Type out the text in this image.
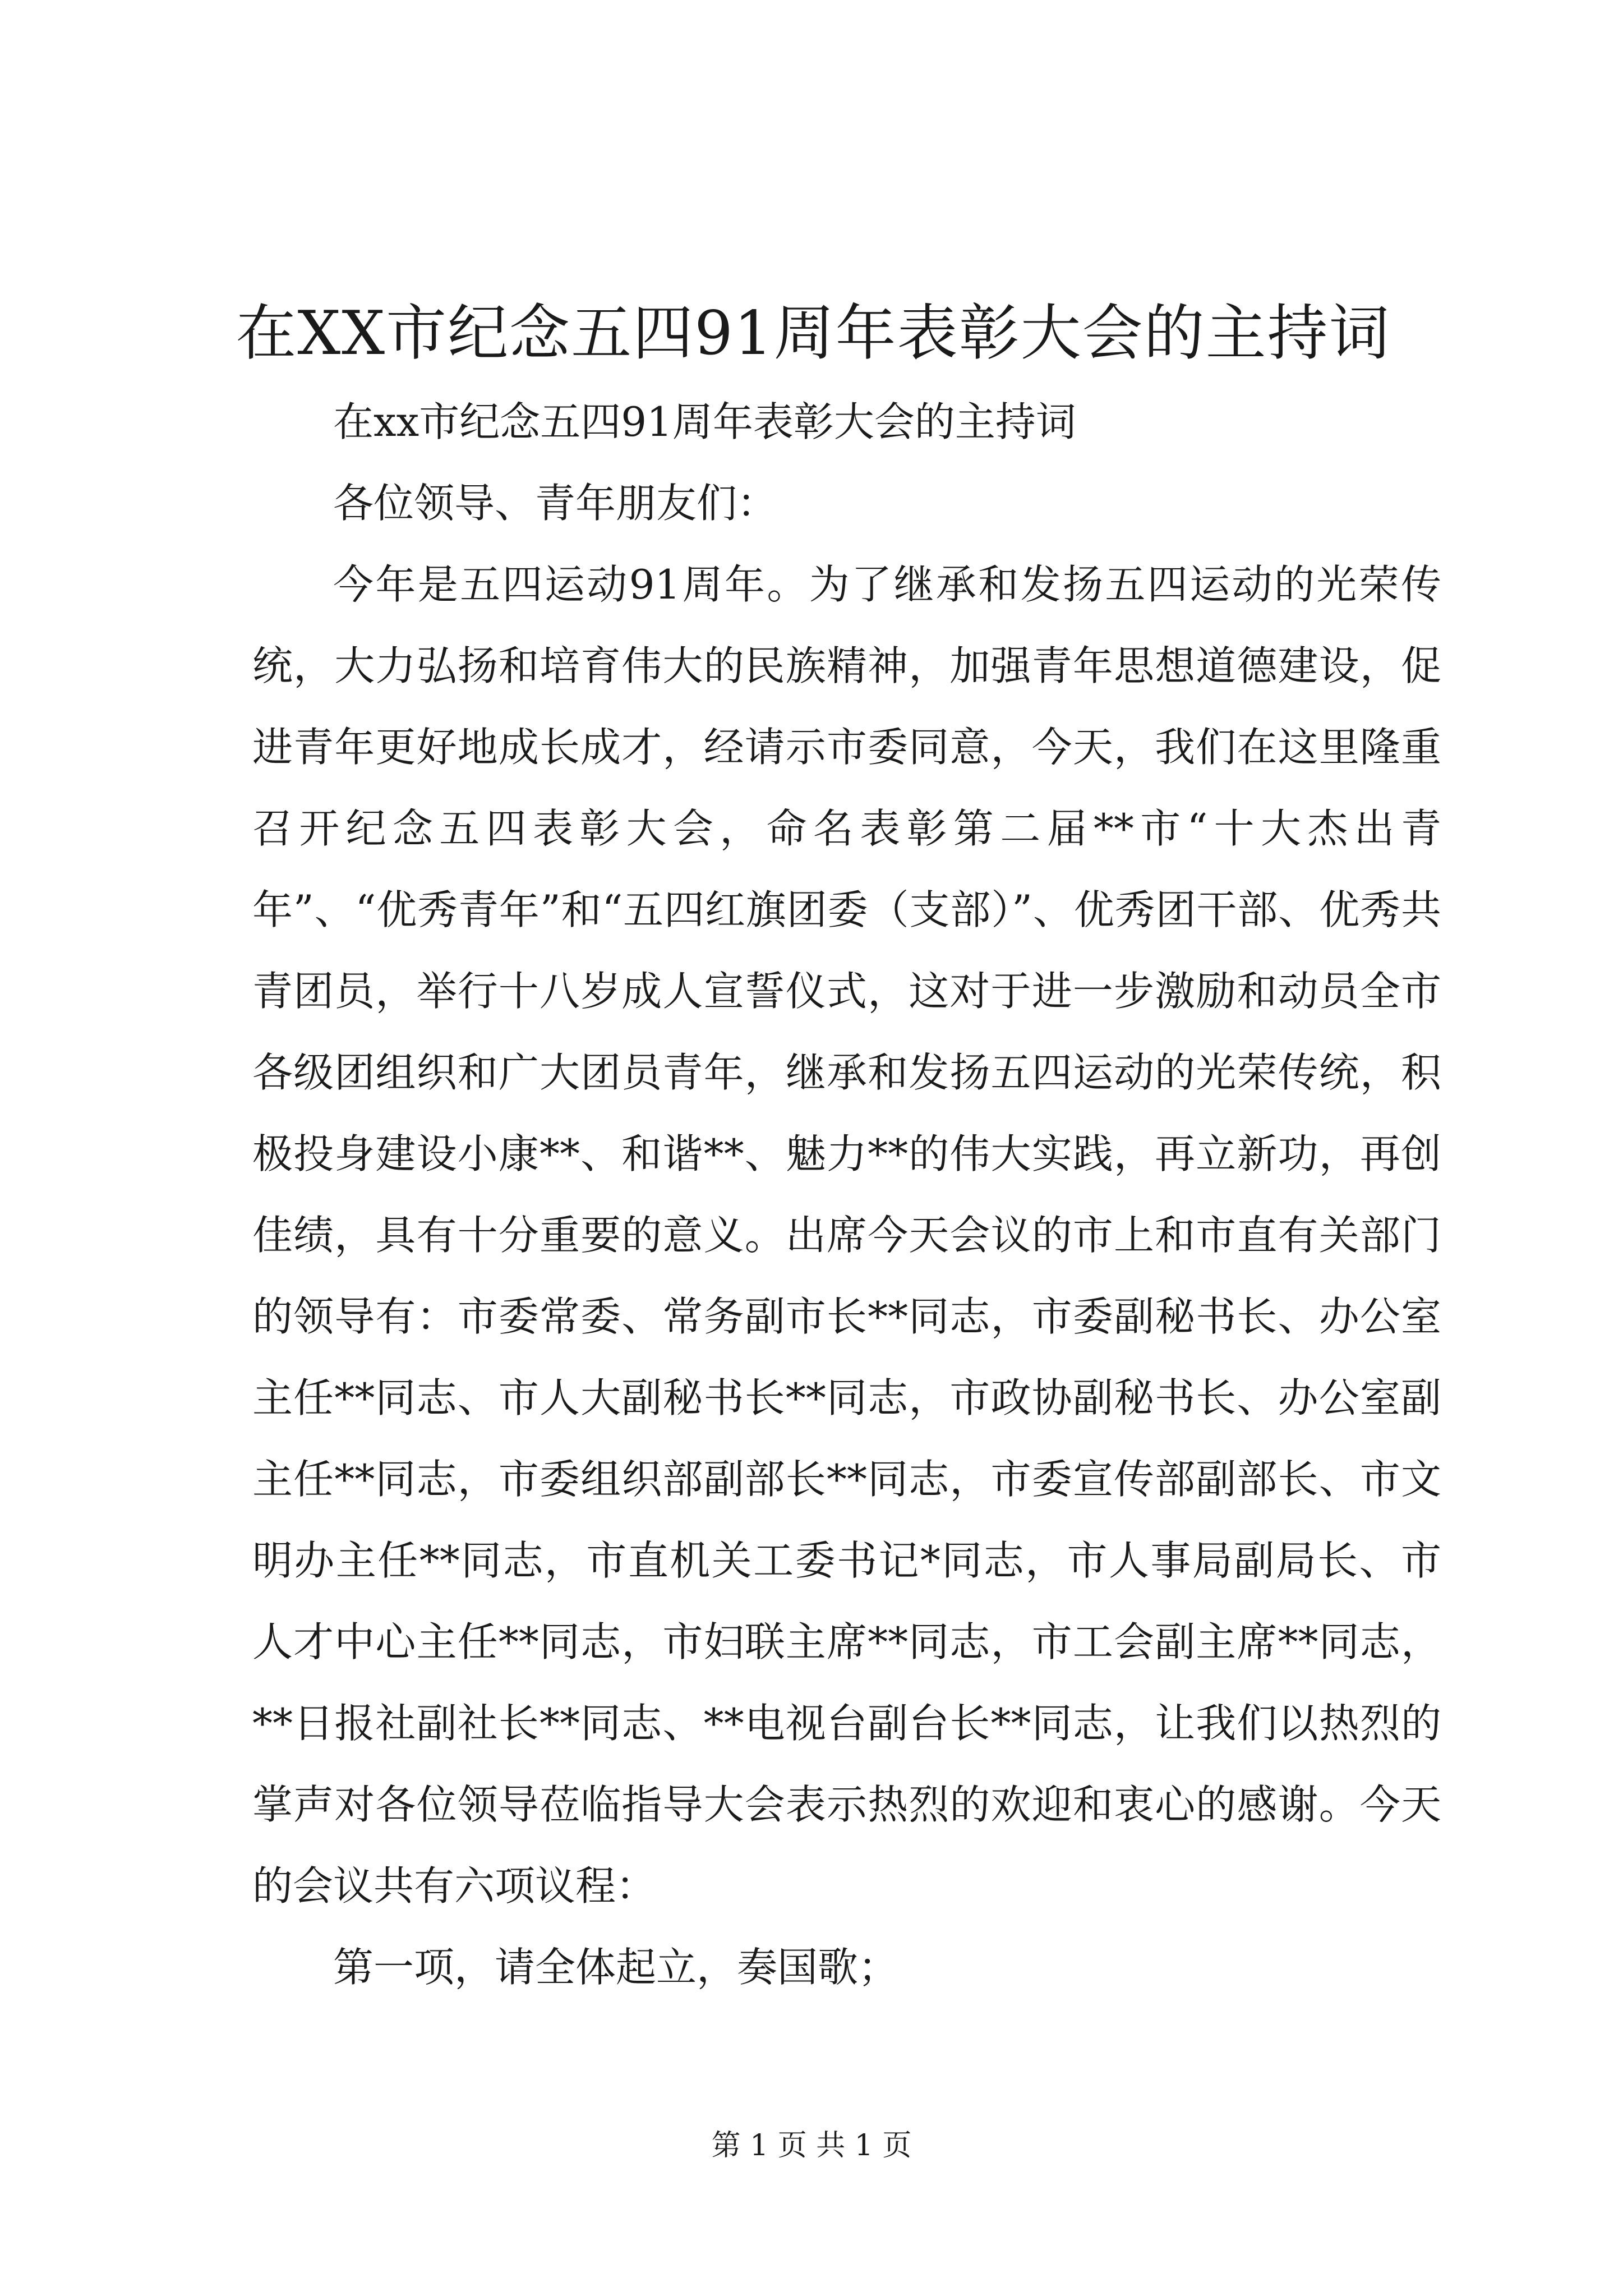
在XX市纪念五四91周年表彰大会的主持词

在xx市纪念五四91周年表彰大会的主持词

各位领导、青年朋友们：

今年是五四运动91周年。为了继承和发扬五四运动的光荣传统，大力弘扬和培育伟大的民族精神，加强青年思想道德建设，促进青年更好地成长成才，经请示市委同意，今天，我们在这里隆重召开纪念五四表彰大会，命名表彰第二届**市“十大杰出青年”、“优秀青年”和“五四红旗团委（支部）”、优秀团干部、优秀共青团员，举行十八岁成人宣誓仪式，这对于进一步激励和动员全市各级团组织和广大团员青年，继承和发扬五四运动的光荣传统，积极投身建设小康**、和谐**、魅力**的伟大实践，再立新功，再创佳绩，具有十分重要的意义。出席今天会议的市上和市直有关部门的领导有：市委常委、常务副市长**同志，市委副秘书长、办公室主任**同志、市人大副秘书长**同志，市政协副秘书长、办公室副主任**同志，市委组织部副部长**同志，市委宣传部副部长、市文明办主任**同志，市直机关工委书记*同志，市人事局副局长、市人才中心主任**同志，市妇联主席**同志，市工会副主席**同志，**日报社副社长**同志、**电视台副台长**同志，让我们以热烈的掌声对各位领导莅临指导大会表示热烈的欢迎和衷心的感谢。今天的会议共有六项议程：

第一项，请全体起立，奏国歌；

第 1 页 共 1 页
